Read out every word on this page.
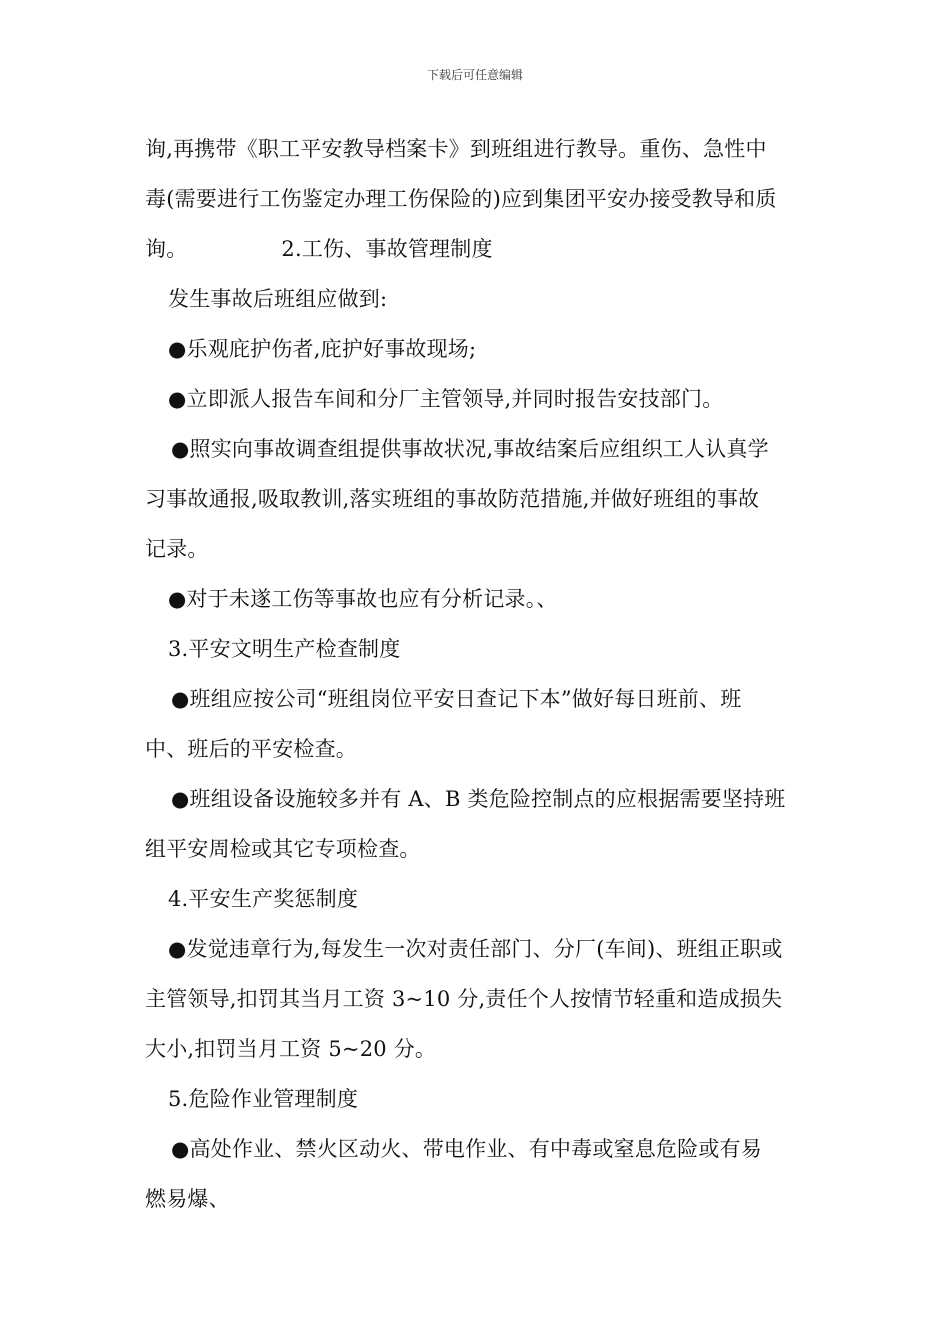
下载后可任意编辑
询,再携带《职工平安教导档案卡》到班组进行教导。重伤、急性中
毒(需要进行工伤鉴定办理工伤保险的)应到集团平安办接受教导和质
询。	2.工伤、事故管理制度
发生事故后班组应做到:
●乐观庇护伤者,庇护好事故现场;
●立即派人报告车间和分厂主管领导,并同时报告安技部门。
●照实向事故调查组提供事故状况,事故结案后应组织工人认真学
习事故通报,吸取教训,落实班组的事故防范措施,并做好班组的事故
记录。
●对于未遂工伤等事故也应有分析记录。、
3.平安文明生产检查制度
●班组应按公司“班组岗位平安日查记下本”做好每日班前、班
中、班后的平安检查。
●班组设备设施较多并有 A、B 类危险控制点的应根据需要坚持班
组平安周检或其它专项检查。
4.平安生产奖惩制度
●发觉违章行为,每发生一次对责任部门、分厂(车间)、班组正职或
主管领导,扣罚其当月工资 3~10 分,责任个人按情节轻重和造成损失
大小,扣罚当月工资 5~20 分。
5.危险作业管理制度
●高处作业、禁火区动火、带电作业、有中毒或窒息危险或有易
燃易爆、
